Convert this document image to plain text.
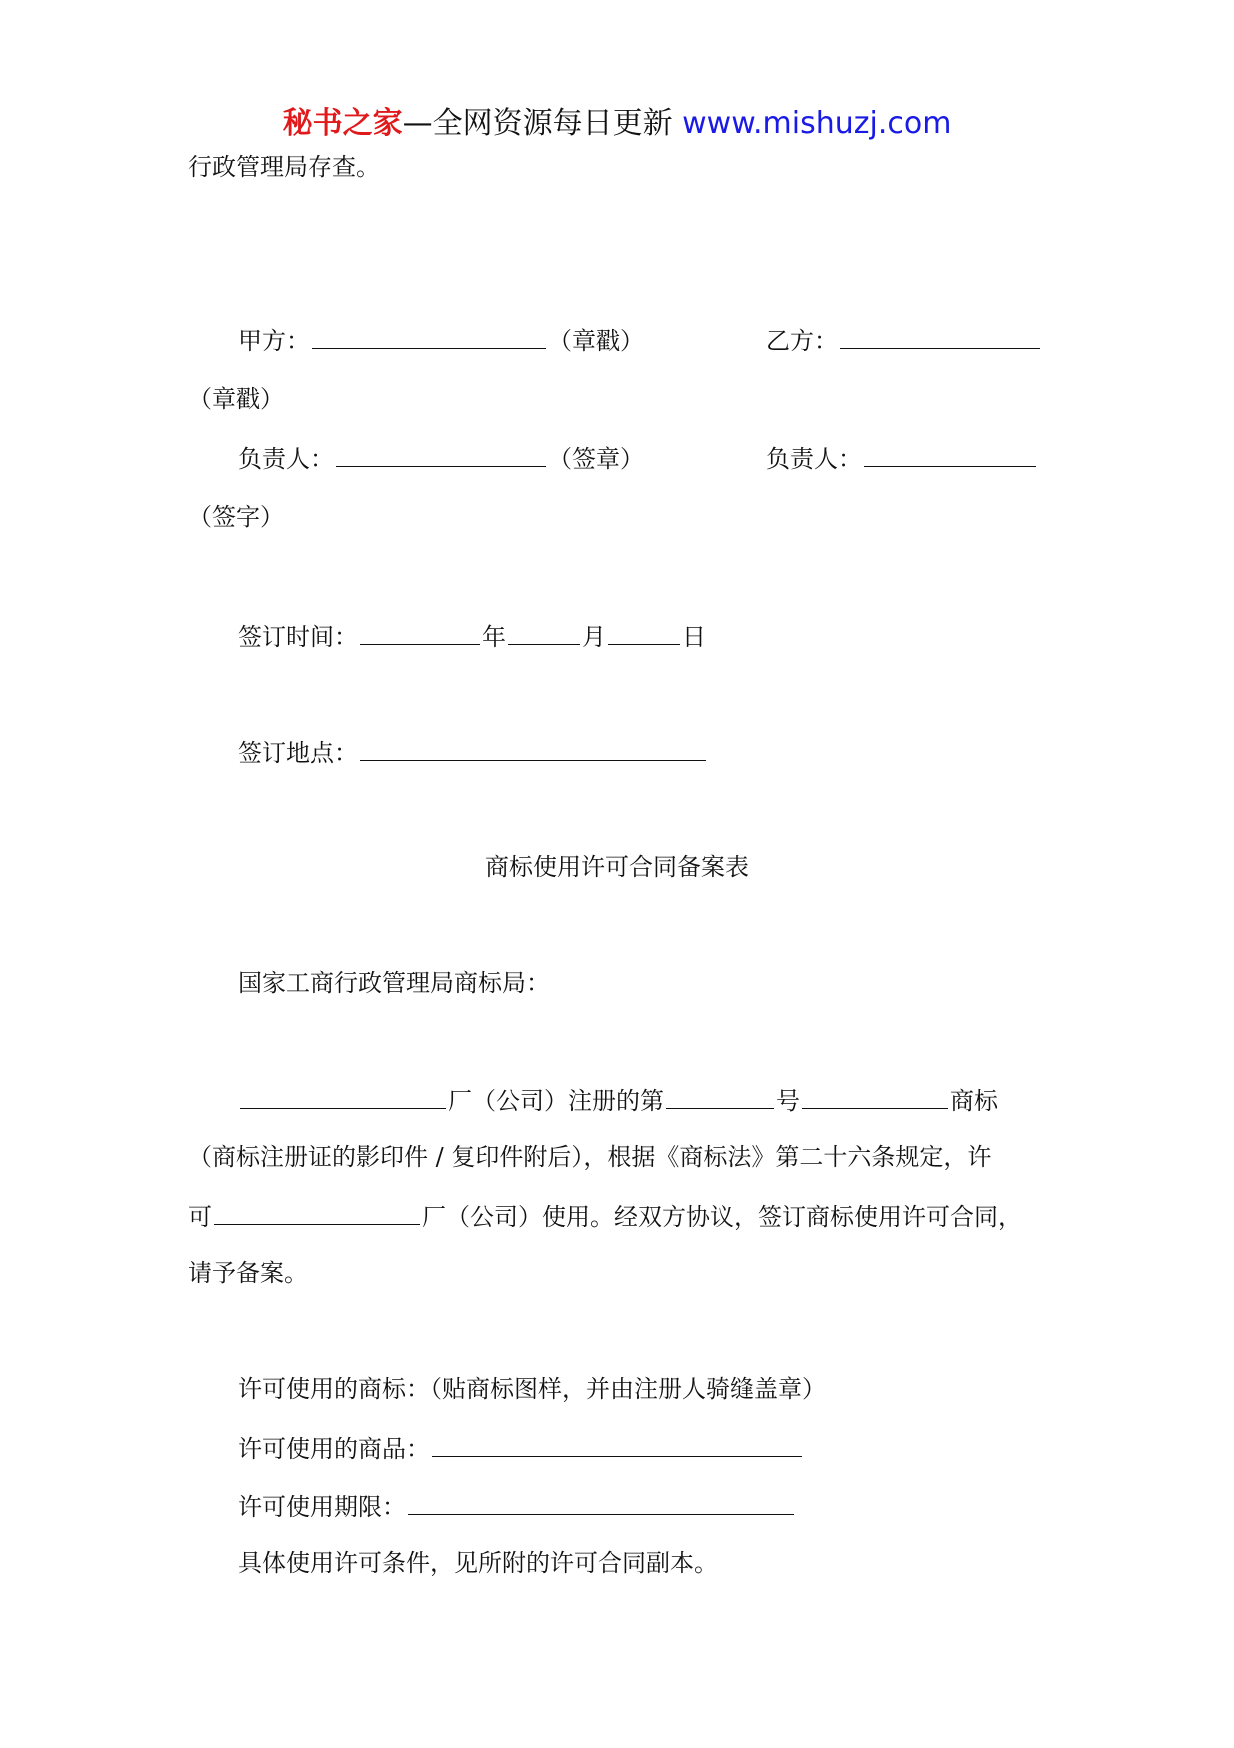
秘书之家—全网资源每日更新 www.mishuzj.com
行政管理局存查。
甲方：	（章戳）	乙方：
（章戳）
负责人：	（签章）	负责人：
（签字）
签订时间：	年	月	日
签订地点：
商标使用许可合同备案表
国家工商行政管理局商标局：
厂（公司）注册的第	号	商标
（商标注册证的影印件 / 复印件附后），根据《商标法》第二十六条规定，许
可	厂（公司）使用。经双方协议，签订商标使用许可合同，
请予备案。
许可使用的商标：（贴商标图样，并由注册人骑缝盖章）
许可使用的商品：
许可使用期限：
具体使用许可条件，见所附的许可合同副本。
